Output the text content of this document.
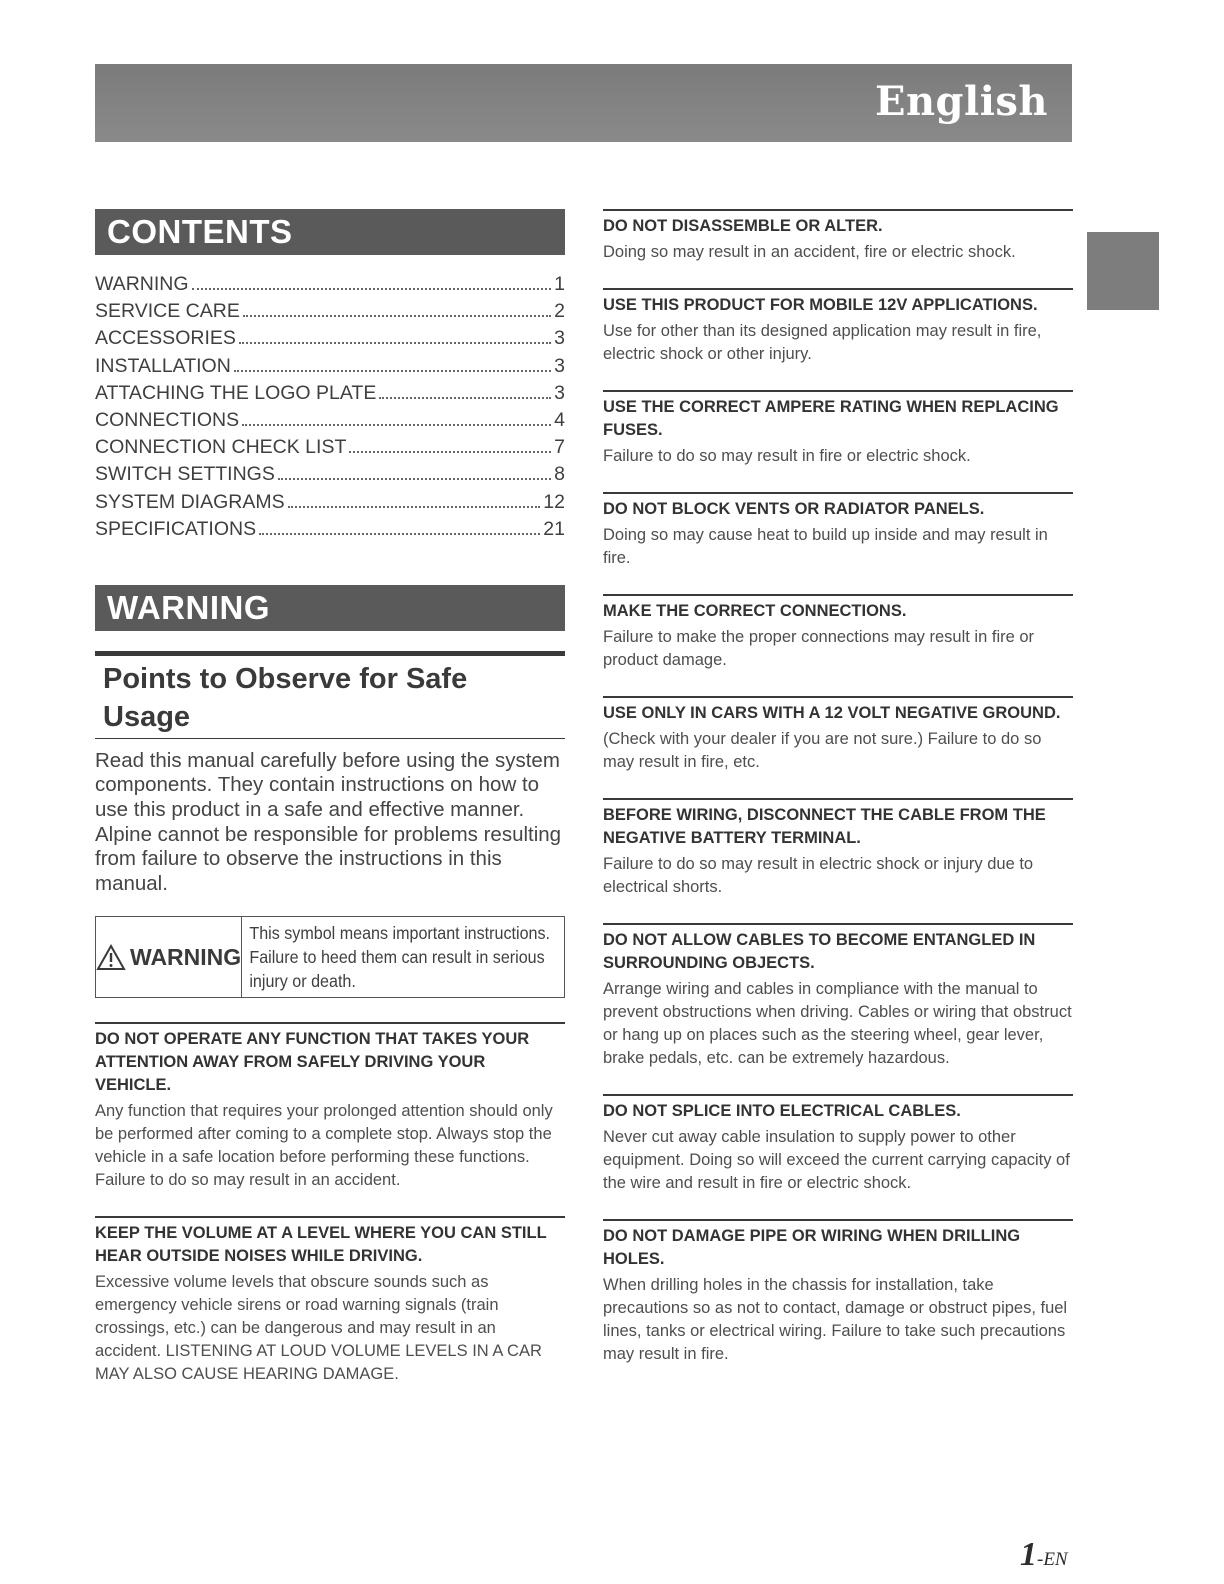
English
CONTENTS
WARNING	1
SERVICE CARE	2
ACCESSORIES	3
INSTALLATION	3
ATTACHING THE LOGO PLATE	3
CONNECTIONS	4
CONNECTION CHECK LIST	7
SWITCH SETTINGS	8
SYSTEM DIAGRAMS	12
SPECIFICATIONS	21
WARNING
Points to Observe for Safe Usage
Read this manual carefully before using the system components. They contain instructions on how to use this product in a safe and effective manner. Alpine cannot be responsible for problems resulting from failure to observe the instructions in this manual.
WARNING
This symbol means important instructions.
Failure to heed them can result in serious
injury or death.
DO NOT OPERATE ANY FUNCTION THAT TAKES YOUR ATTENTION AWAY FROM SAFELY DRIVING YOUR VEHICLE.
Any function that requires your prolonged attention should only be performed after coming to a complete stop. Always stop the vehicle in a safe location before performing these functions. Failure to do so may result in an accident.
KEEP THE VOLUME AT A LEVEL WHERE YOU CAN STILL HEAR OUTSIDE NOISES WHILE DRIVING.
Excessive volume levels that obscure sounds such as emergency vehicle sirens or road warning signals (train crossings, etc.) can be dangerous and may result in an accident. LISTENING AT LOUD VOLUME LEVELS IN A CAR MAY ALSO CAUSE HEARING DAMAGE.
DO NOT DISASSEMBLE OR ALTER.
Doing so may result in an accident, fire or electric shock.
USE THIS PRODUCT FOR MOBILE 12V APPLICATIONS.
Use for other than its designed application may result in fire, electric shock or other injury.
USE THE CORRECT AMPERE RATING WHEN REPLACING FUSES.
Failure to do so may result in fire or electric shock.
DO NOT BLOCK VENTS OR RADIATOR PANELS.
Doing so may cause heat to build up inside and may result in fire.
MAKE THE CORRECT CONNECTIONS.
Failure to make the proper connections may result in fire or product damage.
USE ONLY IN CARS WITH A 12 VOLT NEGATIVE GROUND.
(Check with your dealer if you are not sure.) Failure to do so may result in fire, etc.
BEFORE WIRING, DISCONNECT THE CABLE FROM THE NEGATIVE BATTERY TERMINAL.
Failure to do so may result in electric shock or injury due to electrical shorts.
DO NOT ALLOW CABLES TO BECOME ENTANGLED IN SURROUNDING OBJECTS.
Arrange wiring and cables in compliance with the manual to prevent obstructions when driving. Cables or wiring that obstruct or hang up on places such as the steering wheel, gear lever, brake pedals, etc. can be extremely hazardous.
DO NOT SPLICE INTO ELECTRICAL CABLES.
Never cut away cable insulation to supply power to other equipment. Doing so will exceed the current carrying capacity of the wire and result in fire or electric shock.
DO NOT DAMAGE PIPE OR WIRING WHEN DRILLING HOLES.
When drilling holes in the chassis for installation, take precautions so as not to contact, damage or obstruct pipes, fuel lines, tanks or electrical wiring. Failure to take such precautions may result in fire.
1-EN
